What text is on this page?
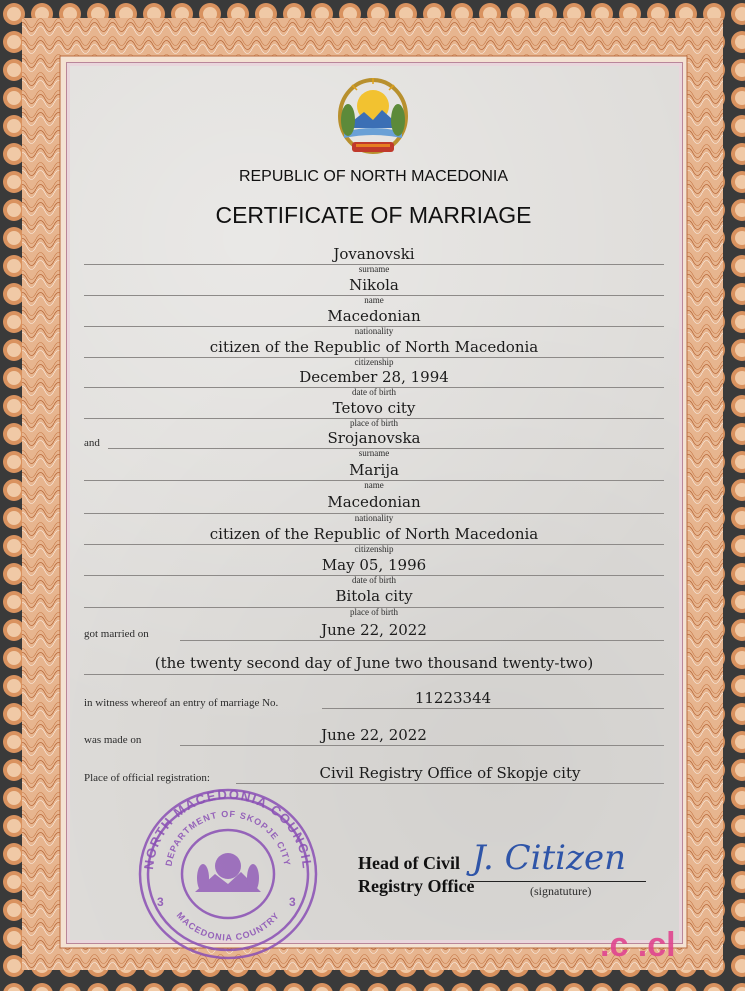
REPUBLIC OF NORTH MACEDONIA
CERTIFICATE OF MARRIAGE
Jovanovski
surname
Nikola
name
Macedonian
nationality
citizen of the Republic of North Macedonia
citizenship
December 28, 1994
date of birth
Tetovo city
place of birth
and	Srojanovska
surname
Marija
name
Macedonian
nationality
citizen of the Republic of North Macedonia
citizenship
May 05, 1996
date of birth
Bitola city
place of birth
got married on	June 22, 2022
(the twenty second day of June two thousand twenty-two)
in witness whereof an entry of marriage No.	11223344
was made on	June 22, 2022
Place of official registration:	Civil Registry Office of Skopje city
NORTH MACEDONIA COUNCIL
DEPARTMENT OF SKOPJE CITY
MACEDONIA COUNTRY
3	3
Head of Civil
Registry Office
J. Citizen
(signatuture)
.c .cl
